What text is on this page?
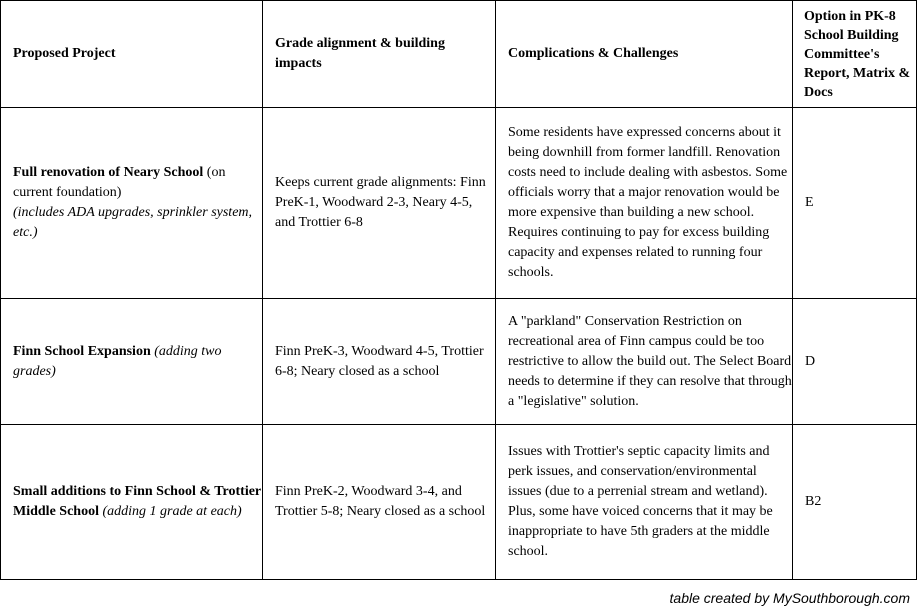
Proposed Project	Grade alignment & building impacts	Complications & Challenges	Option in PK-8 School Building Committee's Report, Matrix & Docs
Full renovation of Neary School (on current foundation)
(includes ADA upgrades, sprinkler system, etc.)	Keeps current grade alignments: Finn PreK-1, Woodward 2-3, Neary 4-5, and Trottier 6-8	Some residents have expressed concerns about it being downhill from former landfill. Renovation costs need to include dealing with asbestos. Some officials worry that a major renovation would be more expensive than building a new school. Requires continuing to pay for excess building capacity and expenses related to running four schools.	E
Finn School Expansion (adding two grades)	Finn PreK-3, Woodward 4-5, Trottier 6-8; Neary closed as a school	A "parkland" Conservation Restriction on recreational area of Finn campus could be too restrictive to allow the build out. The Select Board needs to determine if they can resolve that through a "legislative" solution.	D
Small additions to Finn School & Trottier Middle School (adding 1 grade at each)	Finn PreK-2, Woodward 3-4, and Trottier 5-8; Neary closed as a school	Issues with Trottier's septic capacity limits and perk issues, and conservation/environmental issues (due to a perrenial stream and wetland). Plus, some have voiced concerns that it may be inappropriate to have 5th graders at the middle school.	B2
table created by MySouthborough.com
